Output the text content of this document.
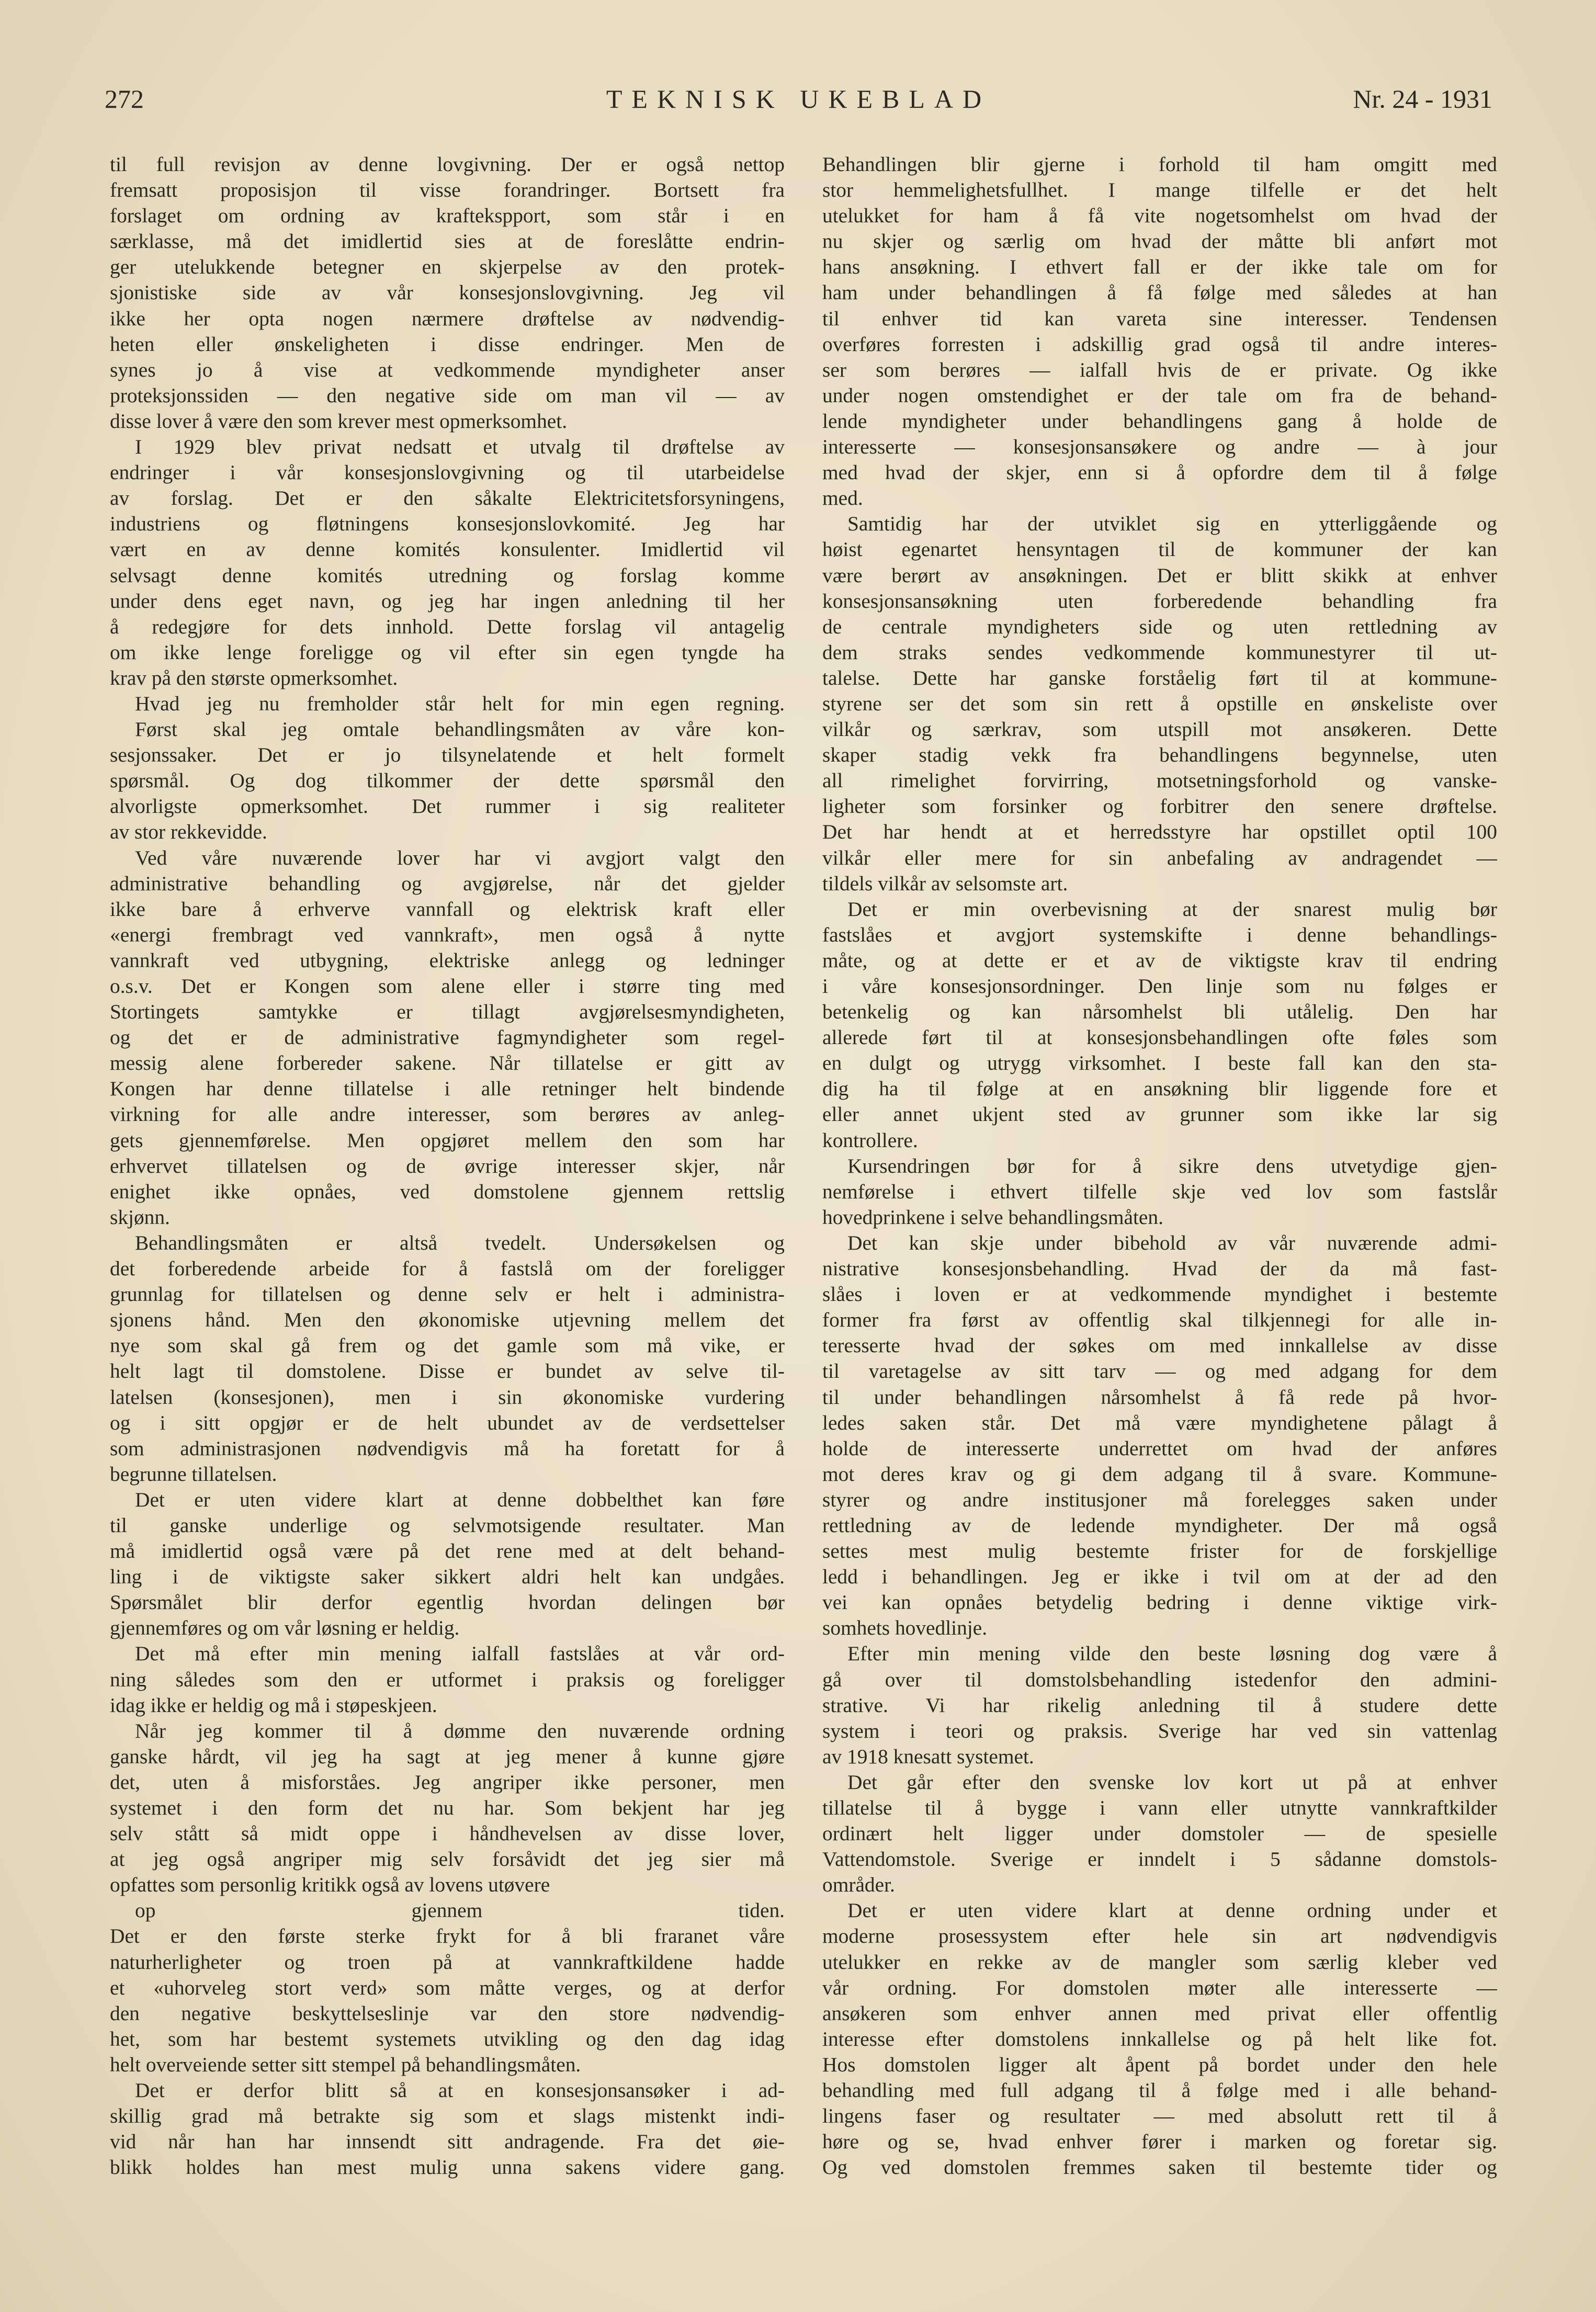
272	TEKNISK UKEBLAD	Nr. 24 - 1931
til full revisjon av denne lovgivning. Der er også nettop
fremsatt proposisjon til visse forandringer. Bortsett fra
forslaget om ordning av kraftekspport, som står i en
særklasse, må det imidlertid sies at de foreslåtte endrin-
ger utelukkende betegner en skjerpelse av den protek-
sjonistiske side av vår konsesjonslovgivning. Jeg vil
ikke her opta nogen nærmere drøftelse av nødvendig-
heten eller ønskeligheten i disse endringer. Men de
synes jo å vise at vedkommende myndigheter anser
proteksjonssiden — den negative side om man vil — av
disse lover å være den som krever mest opmerksomhet.
I 1929 blev privat nedsatt et utvalg til drøftelse av
endringer i vår konsesjonslovgivning og til utarbeidelse
av forslag. Det er den såkalte Elektricitetsforsyningens,
industriens og fløtningens konsesjonslovkomité. Jeg har
vært en av denne komités konsulenter. Imidlertid vil
selvsagt denne komités utredning og forslag komme
under dens eget navn, og jeg har ingen anledning til her
å redegjøre for dets innhold. Dette forslag vil antagelig
om ikke lenge foreligge og vil efter sin egen tyngde ha
krav på den største opmerksomhet.
Hvad jeg nu fremholder står helt for min egen regning.
Først skal jeg omtale behandlingsmåten av våre kon-
sesjonssaker. Det er jo tilsynelatende et helt formelt
spørsmål. Og dog tilkommer der dette spørsmål den
alvorligste opmerksomhet. Det rummer i sig realiteter
av stor rekkevidde.
Ved våre nuværende lover har vi avgjort valgt den
administrative behandling og avgjørelse, når det gjelder
ikke bare å erhverve vannfall og elektrisk kraft eller
«energi frembragt ved vannkraft», men også å nytte
vannkraft ved utbygning, elektriske anlegg og ledninger
o.s.v. Det er Kongen som alene eller i større ting med
Stortingets samtykke er tillagt avgjørelsesmyndigheten,
og det er de administrative fagmyndigheter som regel-
messig alene forbereder sakene. Når tillatelse er gitt av
Kongen har denne tillatelse i alle retninger helt bindende
virkning for alle andre interesser, som berøres av anleg-
gets gjennemførelse. Men opgjøret mellem den som har
erhvervet tillatelsen og de øvrige interesser skjer, når
enighet ikke opnåes, ved domstolene gjennem rettslig
skjønn.
Behandlingsmåten er altså tvedelt. Undersøkelsen og
det forberedende arbeide for å fastslå om der foreligger
grunnlag for tillatelsen og denne selv er helt i administra-
sjonens hånd. Men den økonomiske utjevning mellem det
nye som skal gå frem og det gamle som må vike, er
helt lagt til domstolene. Disse er bundet av selve til-
latelsen (konsesjonen), men i sin økonomiske vurdering
og i sitt opgjør er de helt ubundet av de verdsettelser
som administrasjonen nødvendigvis må ha foretatt for å
begrunne tillatelsen.
Det er uten videre klart at denne dobbelthet kan føre
til ganske underlige og selvmotsigende resultater. Man
må imidlertid også være på det rene med at delt behand-
ling i de viktigste saker sikkert aldri helt kan undgåes.
Spørsmålet blir derfor egentlig hvordan delingen bør
gjennemføres og om vår løsning er heldig.
Det må efter min mening ialfall fastslåes at vår ord-
ning således som den er utformet i praksis og foreligger
idag ikke er heldig og må i støpeskjeen.
Når jeg kommer til å dømme den nuværende ordning
ganske hårdt, vil jeg ha sagt at jeg mener å kunne gjøre
det, uten å misforståes. Jeg angriper ikke personer, men
systemet i den form det nu har. Som bekjent har jeg
selv stått så midt oppe i håndhevelsen av disse lover,
at jeg også angriper mig selv forsåvidt det jeg sier må
opfattes som personlig kritikk også av lovens utøvere
op gjennem tiden.
Det er den første sterke frykt for å bli fraranet våre
naturherligheter og troen på at vannkraftkildene hadde
et «uhorveleg stort verd» som måtte verges, og at derfor
den negative beskyttelseslinje var den store nødvendig-
het, som har bestemt systemets utvikling og den dag idag
helt overveiende setter sitt stempel på behandlingsmåten.
Det er derfor blitt så at en konsesjonsansøker i ad-
skillig grad må betrakte sig som et slags mistenkt indi-
vid når han har innsendt sitt andragende. Fra det øie-
blikk holdes han mest mulig unna sakens videre gang.
Behandlingen blir gjerne i forhold til ham omgitt med
stor hemmelighetsfullhet. I mange tilfelle er det helt
utelukket for ham å få vite nogetsomhelst om hvad der
nu skjer og særlig om hvad der måtte bli anført mot
hans ansøkning. I ethvert fall er der ikke tale om for
ham under behandlingen å få følge med således at han
til enhver tid kan vareta sine interesser. Tendensen
overføres forresten i adskillig grad også til andre interes-
ser som berøres — ialfall hvis de er private. Og ikke
under nogen omstendighet er der tale om fra de behand-
lende myndigheter under behandlingens gang å holde de
interesserte — konsesjonsansøkere og andre — à jour
med hvad der skjer, enn si å opfordre dem til å følge
med.
Samtidig har der utviklet sig en ytterliggående og
høist egenartet hensyntagen til de kommuner der kan
være berørt av ansøkningen. Det er blitt skikk at enhver
konsesjonsansøkning uten forberedende behandling fra
de centrale myndigheters side og uten rettledning av
dem straks sendes vedkommende kommunestyrer til ut-
talelse. Dette har ganske forståelig ført til at kommune-
styrene ser det som sin rett å opstille en ønskeliste over
vilkår og særkrav, som utspill mot ansøkeren. Dette
skaper stadig vekk fra behandlingens begynnelse, uten
all rimelighet forvirring, motsetningsforhold og vanske-
ligheter som forsinker og forbitrer den senere drøftelse.
Det har hendt at et herredsstyre har opstillet optil 100
vilkår eller mere for sin anbefaling av andragendet —
tildels vilkår av selsomste art.
Det er min overbevisning at der snarest mulig bør
fastslåes et avgjort systemskifte i denne behandlings-
måte, og at dette er et av de viktigste krav til endring
i våre konsesjonsordninger. Den linje som nu følges er
betenkelig og kan nårsomhelst bli utålelig. Den har
allerede ført til at konsesjonsbehandlingen ofte føles som
en dulgt og utrygg virksomhet. I beste fall kan den sta-
dig ha til følge at en ansøkning blir liggende fore et
eller annet ukjent sted av grunner som ikke lar sig
kontrollere.
Kursendringen bør for å sikre dens utvetydige gjen-
nemførelse i ethvert tilfelle skje ved lov som fastslår
hovedprinkene i selve behandlingsmåten.
Det kan skje under bibehold av vår nuværende admi-
nistrative konsesjonsbehandling. Hvad der da må fast-
slåes i loven er at vedkommende myndighet i bestemte
former fra først av offentlig skal tilkjennegi for alle in-
teresserte hvad der søkes om med innkallelse av disse
til varetagelse av sitt tarv — og med adgang for dem
til under behandlingen nårsomhelst å få rede på hvor-
ledes saken står. Det må være myndighetene pålagt å
holde de interesserte underrettet om hvad der anføres
mot deres krav og gi dem adgang til å svare. Kommune-
styrer og andre institusjoner må forelegges saken under
rettledning av de ledende myndigheter. Der må også
settes mest mulig bestemte frister for de forskjellige
ledd i behandlingen. Jeg er ikke i tvil om at der ad den
vei kan opnåes betydelig bedring i denne viktige virk-
somhets hovedlinje.
Efter min mening vilde den beste løsning dog være å
gå over til domstolsbehandling istedenfor den admini-
strative. Vi har rikelig anledning til å studere dette
system i teori og praksis. Sverige har ved sin vattenlag
av 1918 knesatt systemet.
Det går efter den svenske lov kort ut på at enhver
tillatelse til å bygge i vann eller utnytte vannkraftkilder
ordinært helt ligger under domstoler — de spesielle
Vattendomstole. Sverige er inndelt i 5 sådanne domstols-
områder.
Det er uten videre klart at denne ordning under et
moderne prosessystem efter hele sin art nødvendigvis
utelukker en rekke av de mangler som særlig kleber ved
vår ordning. For domstolen møter alle interesserte —
ansøkeren som enhver annen med privat eller offentlig
interesse efter domstolens innkallelse og på helt like fot.
Hos domstolen ligger alt åpent på bordet under den hele
behandling med full adgang til å følge med i alle behand-
lingens faser og resultater — med absolutt rett til å
høre og se, hvad enhver fører i marken og foretar sig.
Og ved domstolen fremmes saken til bestemte tider og
